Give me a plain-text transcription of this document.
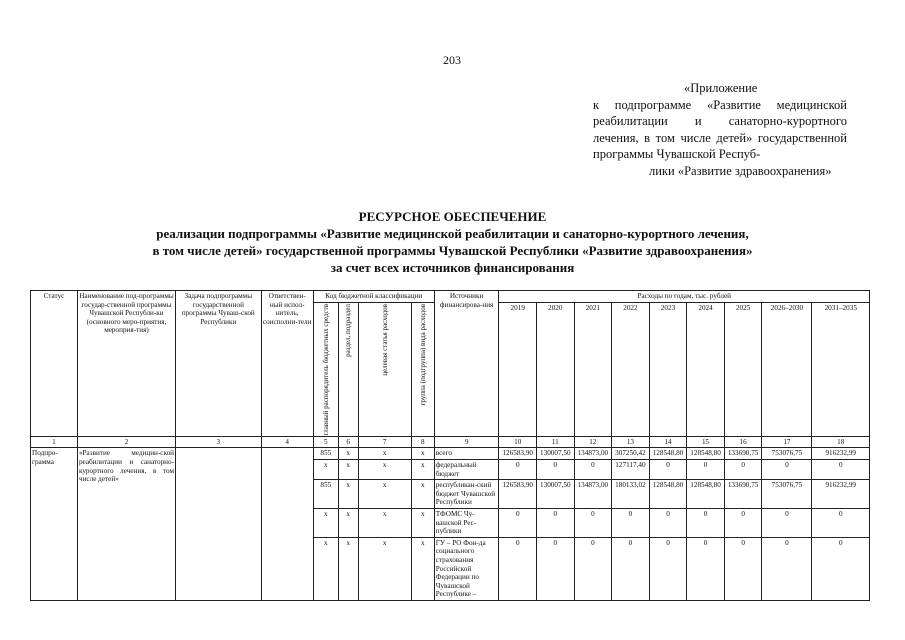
203
«Приложение
к подпрограмме «Развитие медицинской реабилитации и санаторно-курортного лечения, в том числе детей» государственной программы Чувашской Респуб-
лики «Развитие здравоохранения»
РЕСУРСНОЕ ОБЕСПЕЧЕНИЕ
реализации подпрограммы «Развитие медицинской реабилитации и санаторно-курортного лечения,
в том числе детей» государственной программы Чувашской Республики «Развитие здравоохранения»
за счет всех источников финансирования
Статус	Наименование под-программы государ-ственной программы Чувашской Республи-ки (основного меро-приятия, мероприя-тия)	Задача подпрограммы государственной программы Чуваш-ской Республики	Ответствен-ный испол-нитель, соисполни-тели	Код бюджетной классификации				Источники финансирова-ния	Расходы по годам, тыс. рублей								

				главный распорядитель бюджетных средств	раздел, подраздел	целевая статья расходов	группа (подгруппа) вида расходов		2019	2020	2021	2022	2023	2024	2025	2026–2030	2031–2035
1	2	3	4	5	6	7	8	9	10	11	12	13	14	15	16	17	18
Подпро-грамма	«Развитие медицин-ской реабилитации и санаторно-курортного лечения, в том числе детей»			855	х	х	х	всего	126583,90	130007,50	134873,00	307250,42	128548,80	128548,80	133690,75	753076,75	916232,99
				х	х	х	х	федеральный бюджет	0	0	0	127117,40	0	0	0	0	0
				855	х	х	х	республикан-ский бюджет Чувашской Республики	126583,90	130007,50	134873,00	180133,02	128548,80	128548,80	133690,75	753076,75	916232,99
				х	х	х	х	ТФОМС Чу-вашской Рес-публики	0	0	0	0	0	0	0	0	0
				х	х	х	х	ГУ – РО Фон-да социального страхования Российской Федерации по Чувашской Республике –	0	0	0	0	0	0	0	0	0
